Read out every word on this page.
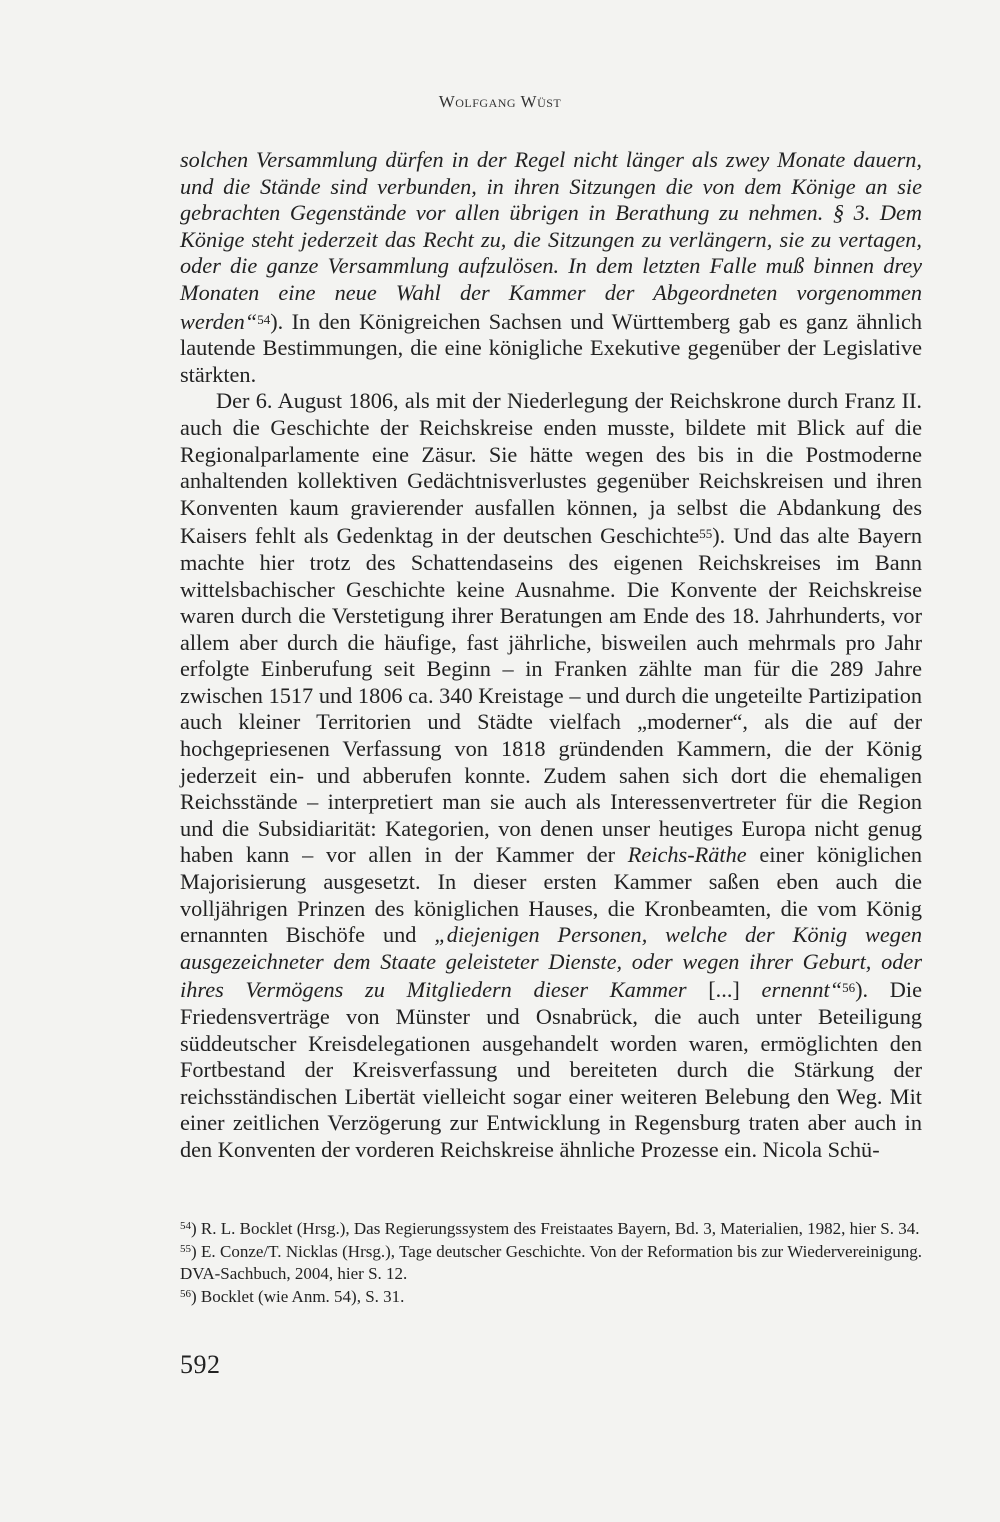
Wolfgang Wüst

solchen Versammlung dürfen in der Regel nicht länger als zwey Monate dauern, und die Stände sind verbunden, in ihren Sitzungen die von dem Könige an sie gebrachten Gegenstände vor allen übrigen in Berathung zu nehmen. § 3. Dem Könige steht jederzeit das Recht zu, die Sitzungen zu verlängern, sie zu vertagen, oder die ganze Versammlung aufzulösen. In dem letzten Falle muß binnen drey Monaten eine neue Wahl der Kammer der Abgeordneten vorgenommen werden“$^{54}$). In den Königreichen Sachsen und Württemberg gab es ganz ähnlich lautende Bestimmungen, die eine königliche Exekutive gegenüber der Legislative stärkten.

Der 6. August 1806, als mit der Niederlegung der Reichskrone durch Franz II. auch die Geschichte der Reichskreise enden musste, bildete mit Blick auf die Regionalparlamente eine Zäsur. Sie hätte wegen des bis in die Postmoderne anhaltenden kollektiven Gedächtnisverlustes gegenüber Reichskreisen und ihren Konventen kaum gravierender ausfallen können, ja selbst die Abdankung des Kaisers fehlt als Gedenktag in der deutschen Geschichte$^{55}$). Und das alte Bayern machte hier trotz des Schattendaseins des eigenen Reichskreises im Bann wittelsbachischer Geschichte keine Ausnahme. Die Konvente der Reichskreise waren durch die Verstetigung ihrer Beratungen am Ende des 18. Jahrhunderts, vor allem aber durch die häufige, fast jährliche, bisweilen auch mehrmals pro Jahr erfolgte Einberufung seit Beginn – in Franken zählte man für die 289 Jahre zwischen 1517 und 1806 ca. 340 Kreistage – und durch die ungeteilte Partizipation auch kleiner Territorien und Städte vielfach „moderner“, als die auf der hochgepriesenen Verfassung von 1818 gründenden Kammern, die der König jederzeit ein- und abberufen konnte. Zudem sahen sich dort die ehemaligen Reichsstände – interpretiert man sie auch als Interessenvertreter für die Region und die Subsidiarität: Kategorien, von denen unser heutiges Europa nicht genug haben kann – vor allen in der Kammer der Reichs-Räthe einer königlichen Majorisierung ausgesetzt. In dieser ersten Kammer saßen eben auch die volljährigen Prinzen des königlichen Hauses, die Kronbeamten, die vom König ernannten Bischöfe und „diejenigen Personen, welche der König wegen ausgezeichneter dem Staate geleisteter Dienste, oder wegen ihrer Geburt, oder ihres Vermögens zu Mitgliedern dieser Kammer [...] ernennt“$^{56}$). Die Friedensverträge von Münster und Osnabrück, die auch unter Beteiligung süddeutscher Kreisdelegationen ausgehandelt worden waren, ermöglichten den Fortbestand der Kreisverfassung und bereiteten durch die Stärkung der reichsständischen Libertät vielleicht sogar einer weiteren Belebung den Weg. Mit einer zeitlichen Verzögerung zur Entwicklung in Regensburg traten aber auch in den Konventen der vorderen Reichskreise ähnliche Prozesse ein. Nicola Schü-

$^{54}$) R. L. Bocklet (Hrsg.), Das Regierungssystem des Freistaates Bayern, Bd. 3, Materialien, 1982, hier S. 34.

$^{55}$) E. Conze/T. Nicklas (Hrsg.), Tage deutscher Geschichte. Von der Reformation bis zur Wiedervereinigung. DVA-Sachbuch, 2004, hier S. 12.

$^{56}$) Bocklet (wie Anm. 54), S. 31.

592
